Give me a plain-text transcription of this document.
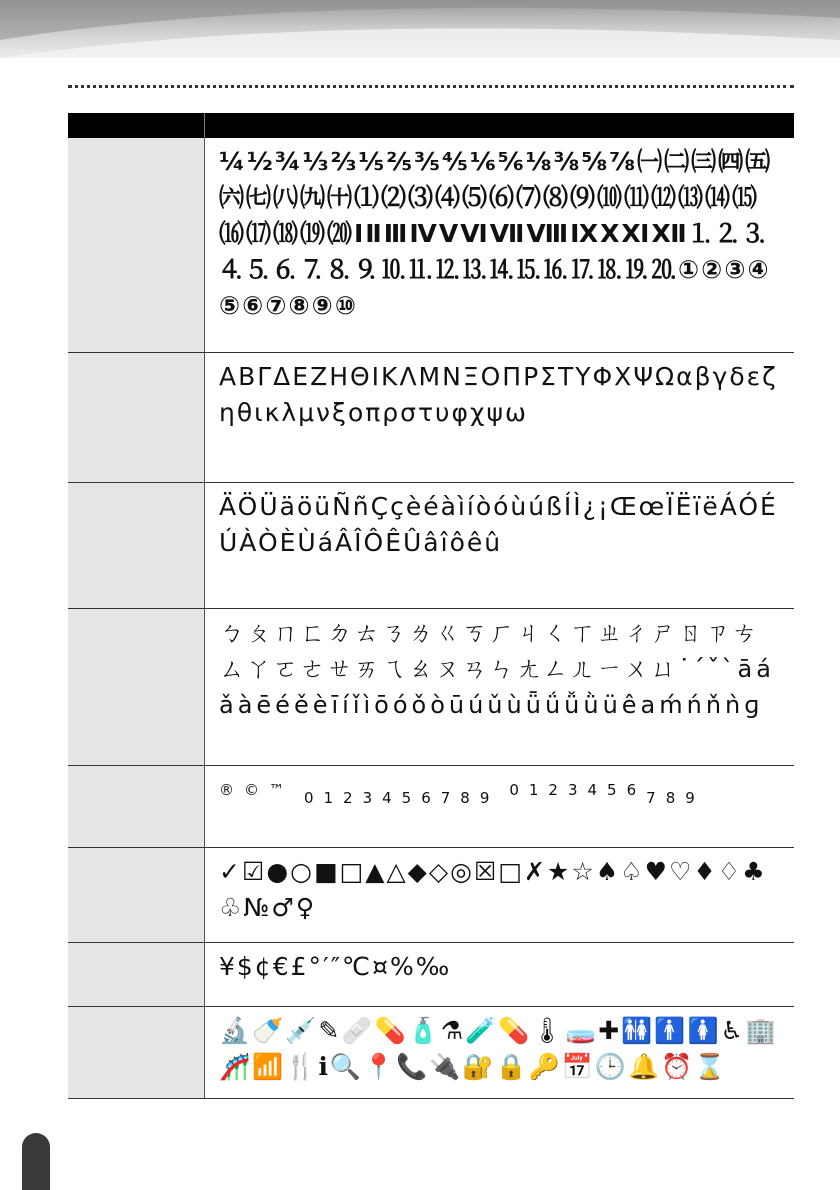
	¼½¾⅓⅔⅕⅖⅗⅘⅙⅚⅛⅜⅝⅞㈠㈡㈢㈣㈤㈥㈦㈧㈨㈩⑴⑵⑶⑷⑸⑹⑺⑻⑼⑽⑾⑿⒀⒁⒂⒃⒄⒅⒆⒇ⅠⅡⅢⅣⅤⅥⅦⅧⅨⅩⅪⅫ⒈⒉⒊⒋⒌⒍⒎⒏⒐⒑⒒⒓⒔⒕⒖⒗⒘⒙⒚⒛①②③④⑤⑥⑦⑧⑨⑩
	ΑΒΓΔΕΖΗΘΙΚΛΜΝΞΟΠΡΣΤΥΦΧΨΩαβγδεζηθικλμνξοπρστυφχψω
	ÄÖÜäöüÑñÇçèéàìíòóùúßÍÌ¿¡ŒœÏËïëÁÓÉÚÀÒÈÙáÂÎÔÊÛâîôêû
	ㄅㄆㄇㄈㄉㄊㄋㄌㄍㄎㄏㄐㄑㄒㄓㄔㄕㄖㄗㄘㄙㄚㄛㄜㄝㄞㄟㄠㄡㄢㄣㄤㄥㄦㄧㄨㄩ˙ˊˇˋāáǎàēéěèīíǐìōóǒòūúǔùǖǘǚǜüêaḿńňǹɡ
	®©™ 0123456789 $^{0123456}$789
	✓☑●○■□▲△◆◇◎☒□✗★☆♠♤♥♡♦♢♣♧№♂♀
	¥$¢€£°′″℃¤%‰
	🔬🍼💉✎🩹💊🧴⚗🧪💊🌡🧫✚🚻🚹🚺♿🏢🎢📶🍴ℹ🔍📍📞🔌🔐🔒🔑📅🕒🔔⏰⌛
